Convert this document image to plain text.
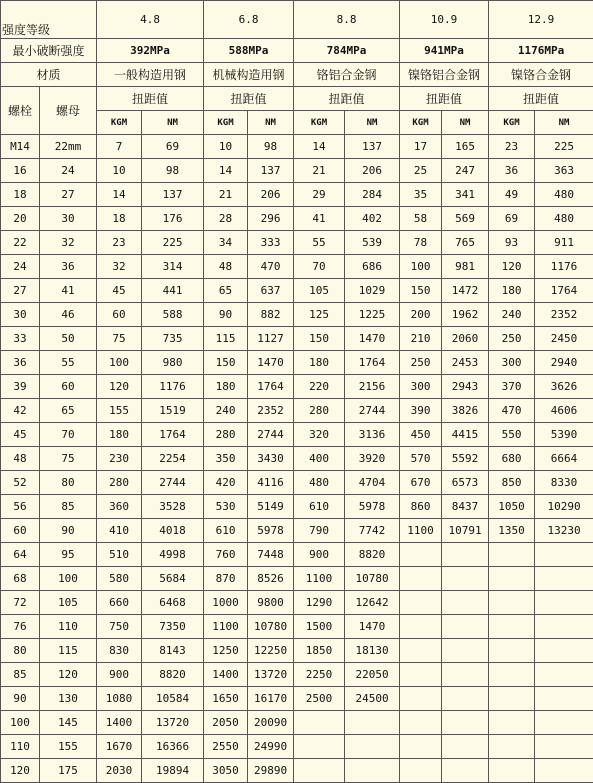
强度等级		4.8		6.8		8.8		10.9		12.9	
最小破断强度		392MPa		588MPa		784MPa		941MPa		1176MPa	
材质		一般构造用钢		机械构造用钢		铬铝合金钢		镍铬铝合金钢		镍铬合金钢	
螺栓	螺母	扭距值		扭距值		扭距值		扭距值		扭距值	
		KGM	NM	KGM	NM	KGM	NM	KGM	NM	KGM	NM
M14	22mm	7	69	10	98	14	137	17	165	23	225
16	24	10	98	14	137	21	206	25	247	36	363
18	27	14	137	21	206	29	284	35	341	49	480
20	30	18	176	28	296	41	402	58	569	69	480
22	32	23	225	34	333	55	539	78	765	93	911
24	36	32	314	48	470	70	686	100	981	120	1176
27	41	45	441	65	637	105	1029	150	1472	180	1764
30	46	60	588	90	882	125	1225	200	1962	240	2352
33	50	75	735	115	1127	150	1470	210	2060	250	2450
36	55	100	980	150	1470	180	1764	250	2453	300	2940
39	60	120	1176	180	1764	220	2156	300	2943	370	3626
42	65	155	1519	240	2352	280	2744	390	3826	470	4606
45	70	180	1764	280	2744	320	3136	450	4415	550	5390
48	75	230	2254	350	3430	400	3920	570	5592	680	6664
52	80	280	2744	420	4116	480	4704	670	6573	850	8330
56	85	360	3528	530	5149	610	5978	860	8437	1050	10290
60	90	410	4018	610	5978	790	7742	1100	10791	1350	13230
64	95	510	4998	760	7448	900	8820				
68	100	580	5684	870	8526	1100	10780				
72	105	660	6468	1000	9800	1290	12642				
76	110	750	7350	1100	10780	1500	1470				
80	115	830	8143	1250	12250	1850	18130				
85	120	900	8820	1400	13720	2250	22050				
90	130	1080	10584	1650	16170	2500	24500				
100	145	1400	13720	2050	20090						
110	155	1670	16366	2550	24990						
120	175	2030	19894	3050	29890						
